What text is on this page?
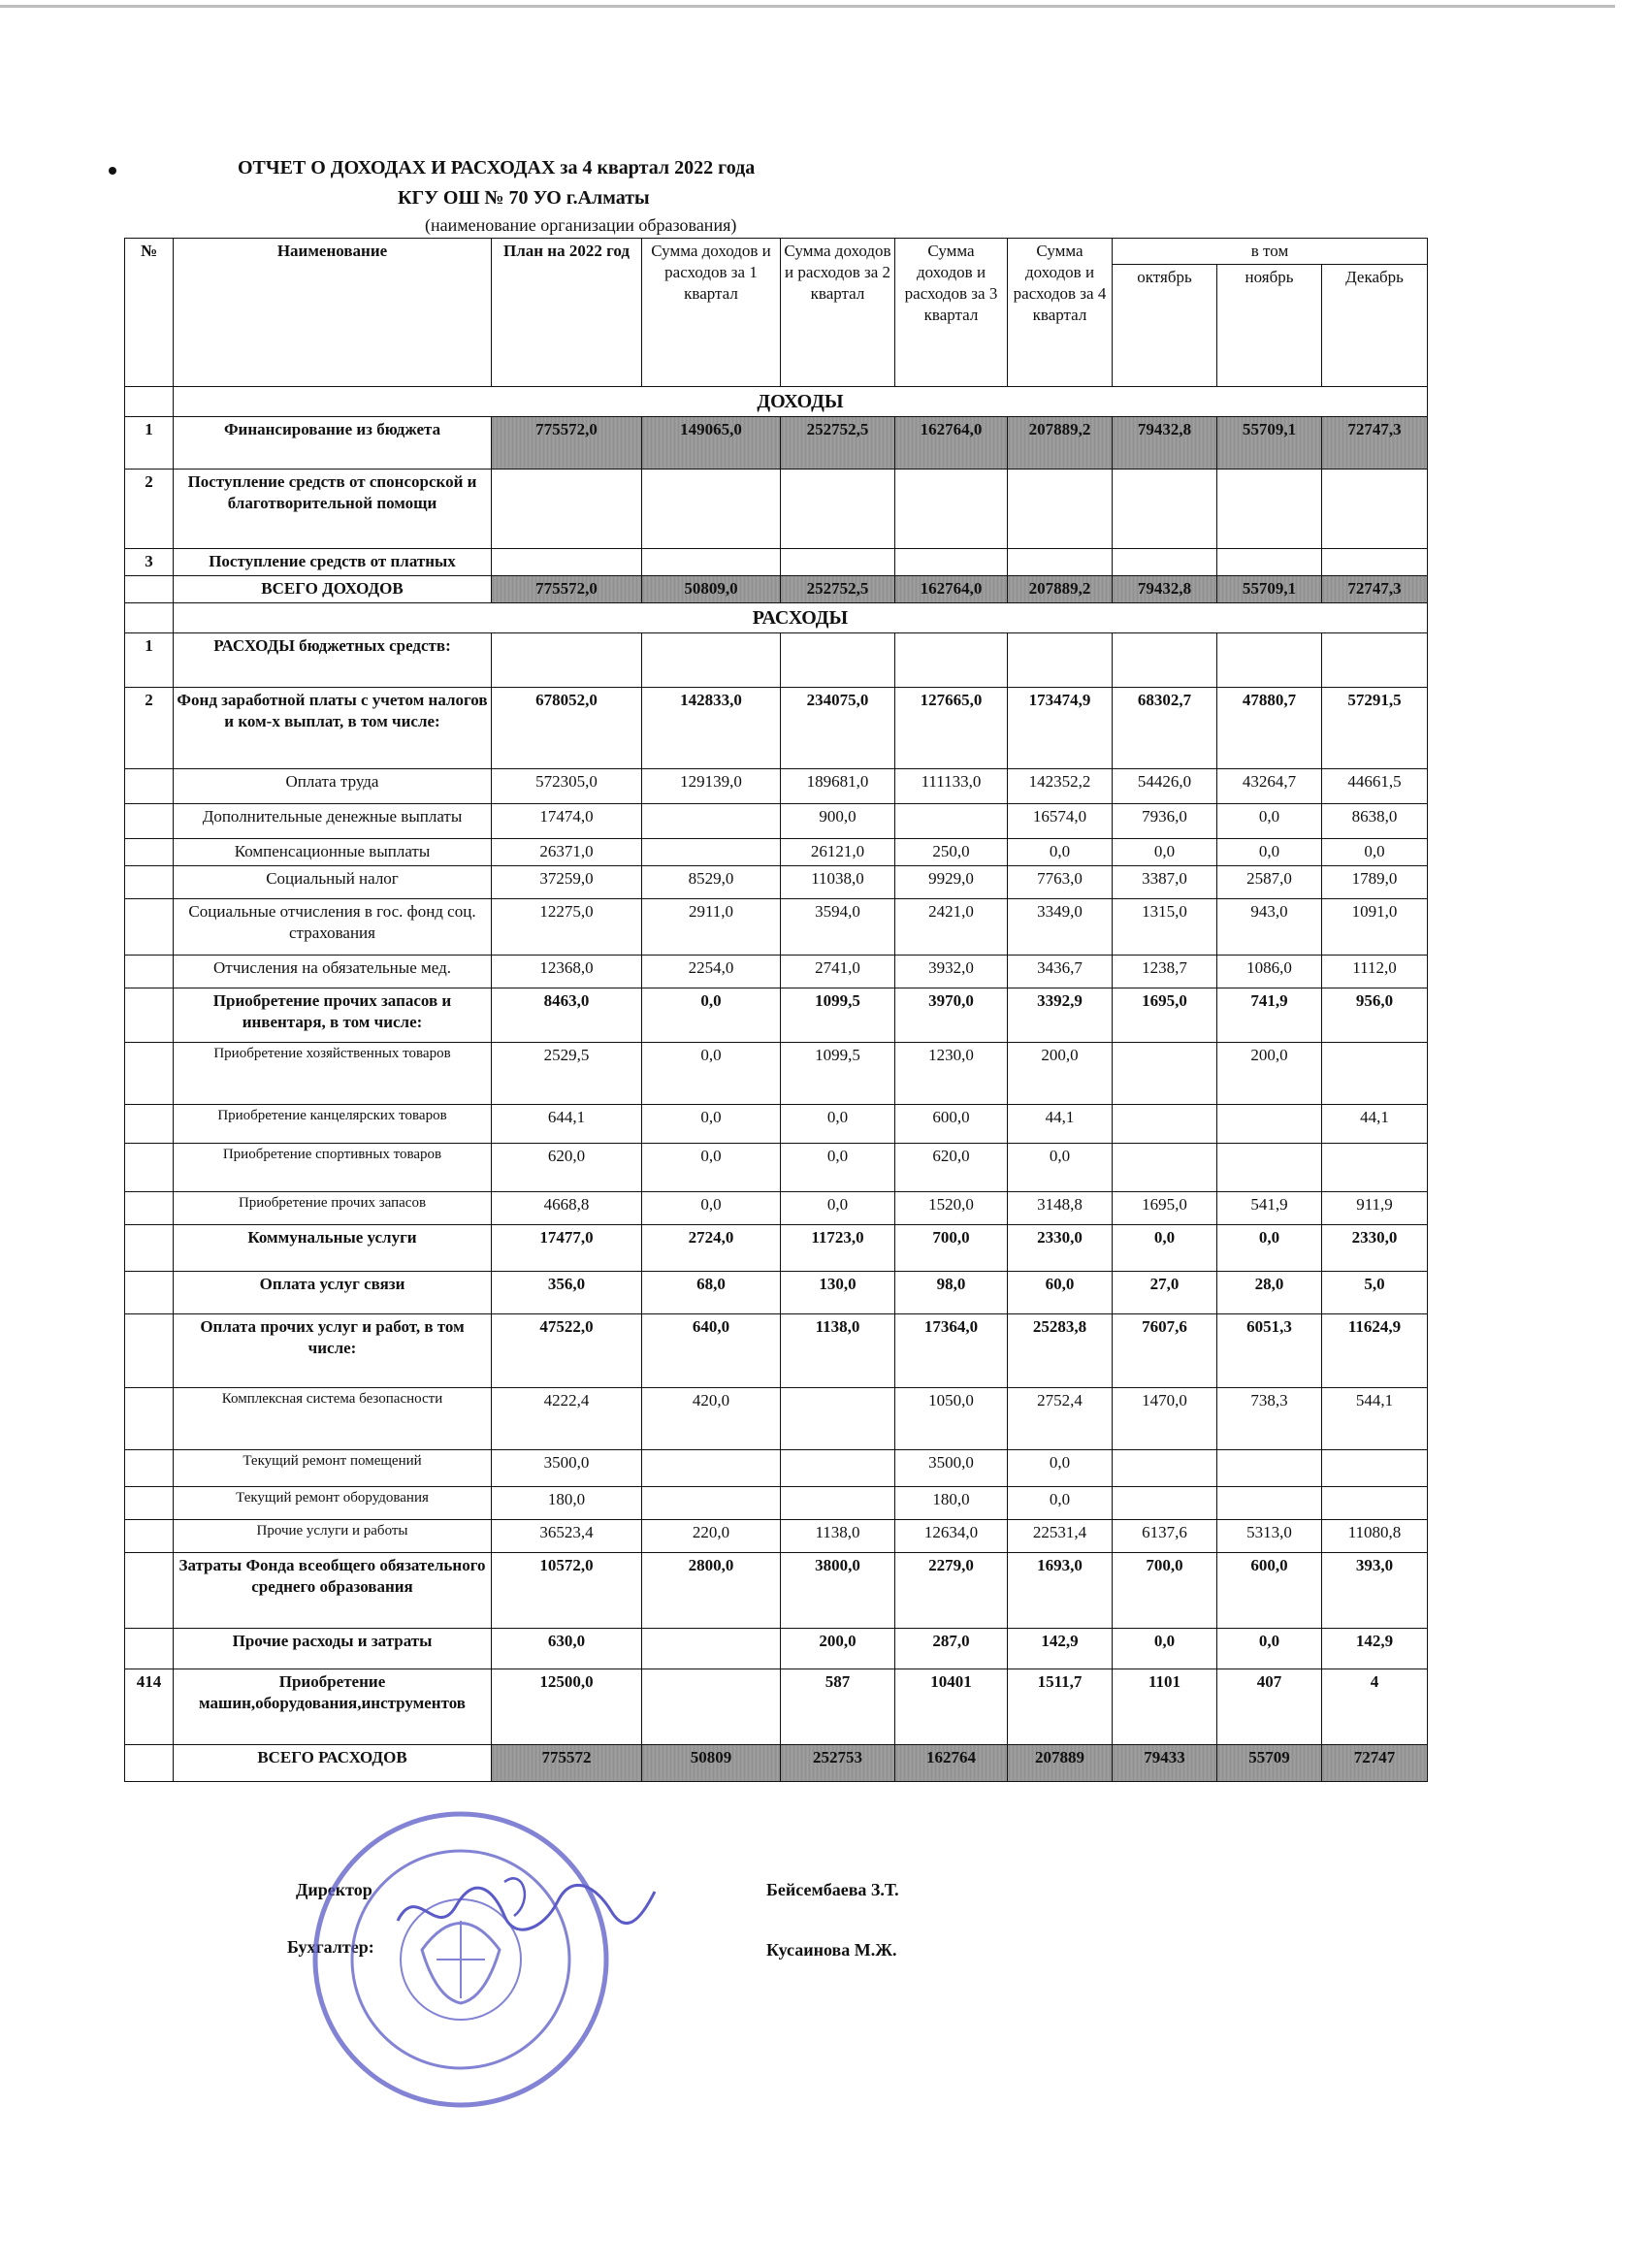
ОТЧЕТ О ДОХОДАХ И РАСХОДАХ за 4 квартал 2022 года
КГУ ОШ № 70 УО г.Алматы
(наименование организации образования)
№	Наименование	План на 2022 год	Сумма доходов и расходов за 1 квартал	Сумма доходов и расходов за 2 квартал	Сумма доходов и расходов за 3 квартал	Сумма доходов и расходов за 4 квартал	в том		
							октябрь	ноябрь	Декабрь
	ДОХОДЫ								
1	Финансирование из бюджета	775572,0	149065,0	252752,5	162764,0	207889,2	79432,8	55709,1	72747,3
2	Поступление средств от спонсорской и благотворительной помощи								
3	Поступление средств от платных								
	ВСЕГО ДОХОДОВ	775572,0	50809,0	252752,5	162764,0	207889,2	79432,8	55709,1	72747,3
	РАСХОДЫ								
1	РАСХОДЫ бюджетных средств:								
2	Фонд заработной платы с учетом налогов и ком-х выплат, в том числе:	678052,0	142833,0	234075,0	127665,0	173474,9	68302,7	47880,7	57291,5
	Оплата труда	572305,0	129139,0	189681,0	111133,0	142352,2	54426,0	43264,7	44661,5
	Дополнительные денежные выплаты	17474,0		900,0		16574,0	7936,0	0,0	8638,0
	Компенсационные выплаты	26371,0		26121,0	250,0	0,0	0,0	0,0	0,0
	Социальный налог	37259,0	8529,0	11038,0	9929,0	7763,0	3387,0	2587,0	1789,0
	Социальные отчисления в гос. фонд соц. страхования	12275,0	2911,0	3594,0	2421,0	3349,0	1315,0	943,0	1091,0
	Отчисления на обязательные мед.	12368,0	2254,0	2741,0	3932,0	3436,7	1238,7	1086,0	1112,0
	Приобретение прочих запасов и инвентаря, в том числе:	8463,0	0,0	1099,5	3970,0	3392,9	1695,0	741,9	956,0
	Приобретение хозяйственных товаров	2529,5	0,0	1099,5	1230,0	200,0		200,0	
	Приобретение канцелярских товаров	644,1	0,0	0,0	600,0	44,1			44,1
	Приобретение спортивных товаров	620,0	0,0	0,0	620,0	0,0			
	Приобретение прочих запасов	4668,8	0,0	0,0	1520,0	3148,8	1695,0	541,9	911,9
	Коммунальные услуги	17477,0	2724,0	11723,0	700,0	2330,0	0,0	0,0	2330,0
	Оплата услуг связи	356,0	68,0	130,0	98,0	60,0	27,0	28,0	5,0
	Оплата прочих услуг и работ, в том числе:	47522,0	640,0	1138,0	17364,0	25283,8	7607,6	6051,3	11624,9
	Комплексная система безопасности	4222,4	420,0		1050,0	2752,4	1470,0	738,3	544,1
	Текущий ремонт помещений	3500,0			3500,0	0,0			
	Текущий ремонт оборудования	180,0			180,0	0,0			
	Прочие услуги и работы	36523,4	220,0	1138,0	12634,0	22531,4	6137,6	5313,0	11080,8
	Затраты Фонда всеобщего обязательного среднего образования	10572,0	2800,0	3800,0	2279,0	1693,0	700,0	600,0	393,0
	Прочие расходы и затраты	630,0		200,0	287,0	142,9	0,0	0,0	142,9
414	Приобретение машин,оборудования,инструментов	12500,0		587	10401	1511,7	1101	407	4
	ВСЕГО РАСХОДОВ	775572	50809	252753	162764	207889	79433	55709	72747
Директор	Бейсембаева З.Т.
Бухгалтер:	Кусаинова М.Ж.
